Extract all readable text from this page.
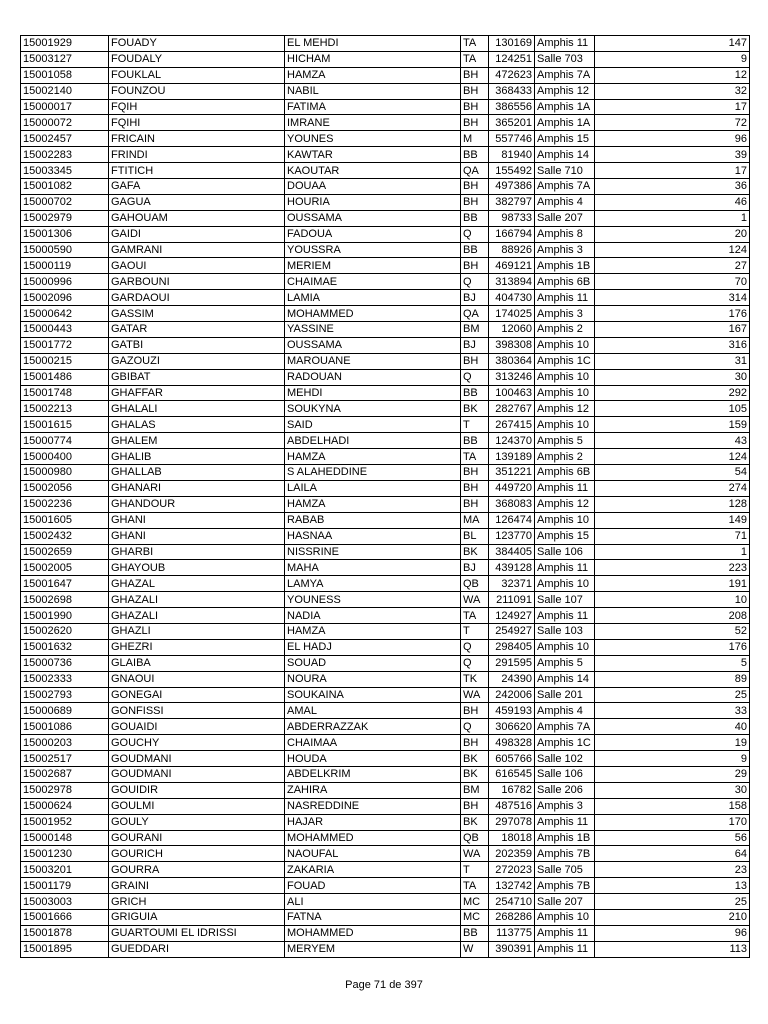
15001929	FOUADY	EL MEHDI	TA	130169	Amphis 11	147
15003127	FOUDALY	HICHAM	TA	124251	Salle 703	9
15001058	FOUKLAL	HAMZA	BH	472623	Amphis 7A	12
15002140	FOUNZOU	NABIL	BH	368433	Amphis 12	32
15000017	FQIH	FATIMA	BH	386556	Amphis 1A	17
15000072	FQIHI	IMRANE	BH	365201	Amphis 1A	72
15002457	FRICAIN	YOUNES	M	557746	Amphis 15	96
15002283	FRINDI	KAWTAR	BB	81940	Amphis 14	39
15003345	FTITICH	KAOUTAR	QA	155492	Salle 710	17
15001082	GAFA	DOUAA	BH	497386	Amphis 7A	36
15000702	GAGUA	HOURIA	BH	382797	Amphis 4	46
15002979	GAHOUAM	OUSSAMA	BB	98733	Salle 207	1
15001306	GAIDI	FADOUA	Q	166794	Amphis 8	20
15000590	GAMRANI	YOUSSRA	BB	88926	Amphis 3	124
15000119	GAOUI	MERIEM	BH	469121	Amphis 1B	27
15000996	GARBOUNI	CHAIMAE	Q	313894	Amphis 6B	70
15002096	GARDAOUI	LAMIA	BJ	404730	Amphis 11	314
15000642	GASSIM	MOHAMMED	QA	174025	Amphis 3	176
15000443	GATAR	YASSINE	BM	12060	Amphis 2	167
15001772	GATBI	OUSSAMA	BJ	398308	Amphis 10	316
15000215	GAZOUZI	MAROUANE	BH	380364	Amphis 1C	31
15001486	GBIBAT	RADOUAN	Q	313246	Amphis 10	30
15001748	GHAFFAR	MEHDI	BB	100463	Amphis 10	292
15002213	GHALALI	SOUKYNA	BK	282767	Amphis 12	105
15001615	GHALAS	SAID	T	267415	Amphis 10	159
15000774	GHALEM	ABDELHADI	BB	124370	Amphis 5	43
15000400	GHALIB	HAMZA	TA	139189	Amphis 2	124
15000980	GHALLAB	S ALAHEDDINE	BH	351221	Amphis 6B	54
15002056	GHANARI	LAILA	BH	449720	Amphis 11	274
15002236	GHANDOUR	HAMZA	BH	368083	Amphis 12	128
15001605	GHANI	RABAB	MA	126474	Amphis 10	149
15002432	GHANI	HASNAA	BL	123770	Amphis 15	71
15002659	GHARBI	NISSRINE	BK	384405	Salle 106	1
15002005	GHAYOUB	MAHA	BJ	439128	Amphis 11	223
15001647	GHAZAL	LAMYA	QB	32371	Amphis 10	191
15002698	GHAZALI	YOUNESS	WA	211091	Salle 107	10
15001990	GHAZALI	NADIA	TA	124927	Amphis 11	208
15002620	GHAZLI	HAMZA	T	254927	Salle 103	52
15001632	GHEZRI	EL HADJ	Q	298405	Amphis 10	176
15000736	GLAIBA	SOUAD	Q	291595	Amphis 5	5
15002333	GNAOUI	NOURA	TK	24390	Amphis 14	89
15002793	GONEGAI	SOUKAINA	WA	242006	Salle 201	25
15000689	GONFISSI	AMAL	BH	459193	Amphis 4	33
15001086	GOUAIDI	ABDERRAZZAK	Q	306620	Amphis 7A	40
15000203	GOUCHY	CHAIMAA	BH	498328	Amphis 1C	19
15002517	GOUDMANI	HOUDA	BK	605766	Salle 102	9
15002687	GOUDMANI	ABDELKRIM	BK	616545	Salle 106	29
15002978	GOUIDIR	ZAHIRA	BM	16782	Salle 206	30
15000624	GOULMI	NASREDDINE	BH	487516	Amphis 3	158
15001952	GOULY	HAJAR	BK	297078	Amphis 11	170
15000148	GOURANI	MOHAMMED	QB	18018	Amphis 1B	56
15001230	GOURICH	NAOUFAL	WA	202359	Amphis 7B	64
15003201	GOURRA	ZAKARIA	T	272023	Salle 705	23
15001179	GRAINI	FOUAD	TA	132742	Amphis 7B	13
15003003	GRICH	ALI	MC	254710	Salle 207	25
15001666	GRIGUIA	FATNA	MC	268286	Amphis 10	210
15001878	GUARTOUMI EL IDRISSI	MOHAMMED	BB	113775	Amphis 11	96
15001895	GUEDDARI	MERYEM	W	390391	Amphis 11	113
Page 71 de 397
